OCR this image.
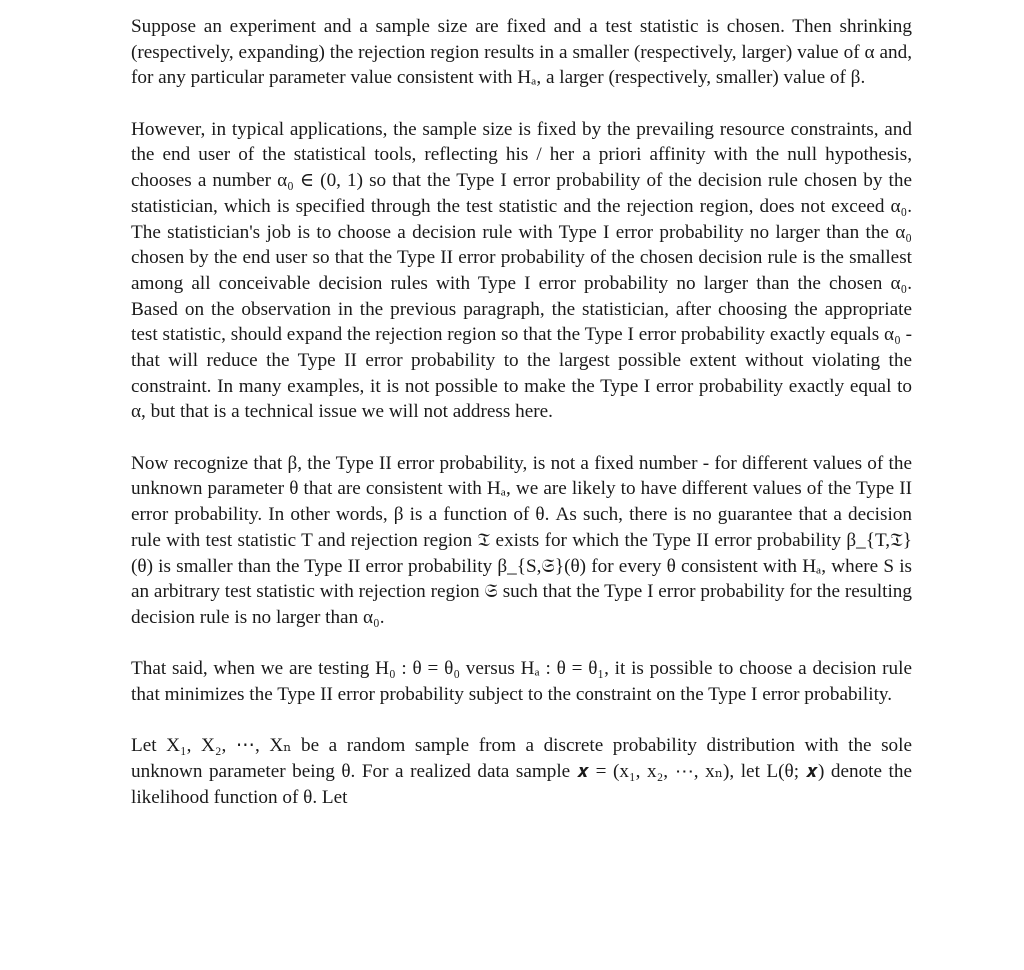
Suppose an experiment and a sample size are fixed and a test statistic is chosen. Then shrinking (respectively, expanding) the rejection region results in a smaller (respectively, larger) value of α and, for any particular parameter value consistent with Hₐ, a larger (respectively, smaller) value of β.

However, in typical applications, the sample size is fixed by the prevailing resource constraints, and the end user of the statistical tools, reflecting his / her a priori affinity with the null hypothesis, chooses a number α₀ ∈ (0, 1) so that the Type I error probability of the decision rule chosen by the statistician, which is specified through the test statistic and the rejection region, does not exceed α₀. The statistician's job is to choose a decision rule with Type I error probability no larger than the α₀ chosen by the end user so that the Type II error probability of the chosen decision rule is the smallest among all conceivable decision rules with Type I error probability no larger than the chosen α₀. Based on the observation in the previous paragraph, the statistician, after choosing the appropriate test statistic, should expand the rejection region so that the Type I error probability exactly equals α₀ - that will reduce the Type II error probability to the largest possible extent without violating the constraint. In many examples, it is not possible to make the Type I error probability exactly equal to α, but that is a technical issue we will not address here.

Now recognize that β, the Type II error probability, is not a fixed number - for different values of the unknown parameter θ that are consistent with Hₐ, we are likely to have different values of the Type II error probability. In other words, β is a function of θ. As such, there is no guarantee that a decision rule with test statistic T and rejection region 𝔗 exists for which the Type II error probability β_{T,𝔗}(θ) is smaller than the Type II error probability β_{S,𝔖}(θ) for every θ consistent with Hₐ, where S is an arbitrary test statistic with rejection region 𝔖 such that the Type I error probability for the resulting decision rule is no larger than α₀.

That said, when we are testing H₀ : θ = θ₀ versus Hₐ : θ = θ₁, it is possible to choose a decision rule that minimizes the Type II error probability subject to the constraint on the Type I error probability.

Let X₁, X₂, ⋯, Xₙ be a random sample from a discrete probability distribution with the sole unknown parameter being θ. For a realized data sample 𝒙 = (x₁, x₂, ⋯, xₙ), let L(θ; 𝒙) denote the likelihood function of θ. Let
